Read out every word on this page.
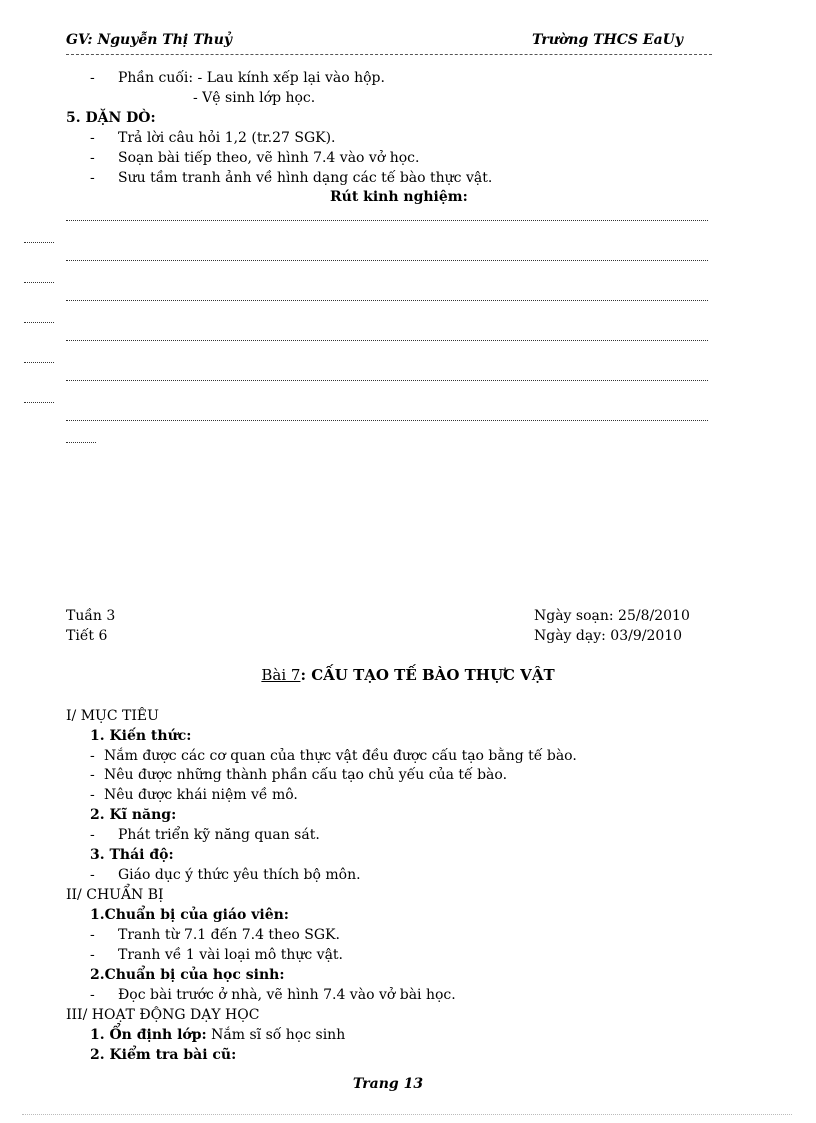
GV: Nguyễn Thị Thuỷ	Trường THCS EaUy
- Phần cuối: - Lau kính xếp lại vào hộp.
- Vệ sinh lớp học.
5. DẶN DÒ:
- Trả lời câu hỏi 1,2 (tr.27 SGK).
- Soạn bài tiếp theo, vẽ hình 7.4 vào vở học.
- Sưu tầm tranh ảnh về hình dạng các tế bào thực vật.
Rút kinh nghiệm:
Tuần 3
Tiết 6
Ngày soạn: 25/8/2010
Ngày dạy: 03/9/2010
Bài 7: CẤU TẠO TẾ BÀO THỰC VẬT
I/ MỤC TIÊU
1. Kiến thức:
- Nắm được các cơ quan của thực vật đều được cấu tạo bằng tế bào.
- Nêu được những thành phần cấu tạo chủ yếu của tế bào.
- Nêu được khái niệm về mô.
2. Kĩ năng:
- Phát triển kỹ năng quan sát.
3. Thái độ:
- Giáo dục ý thức yêu thích bộ môn.
II/ CHUẨN BỊ
1.Chuẩn bị của giáo viên:
- Tranh từ 7.1 đến 7.4 theo SGK.
- Tranh về 1 vài loại mô thực vật.
2.Chuẩn bị của học sinh:
- Đọc bài trước ở nhà, vẽ hình 7.4 vào vở bài học.
III/ HOẠT ĐỘNG DẠY HỌC
1. Ổn định lớp: Nắm sĩ số học sinh
2. Kiểm tra bài cũ:
Trang 13
